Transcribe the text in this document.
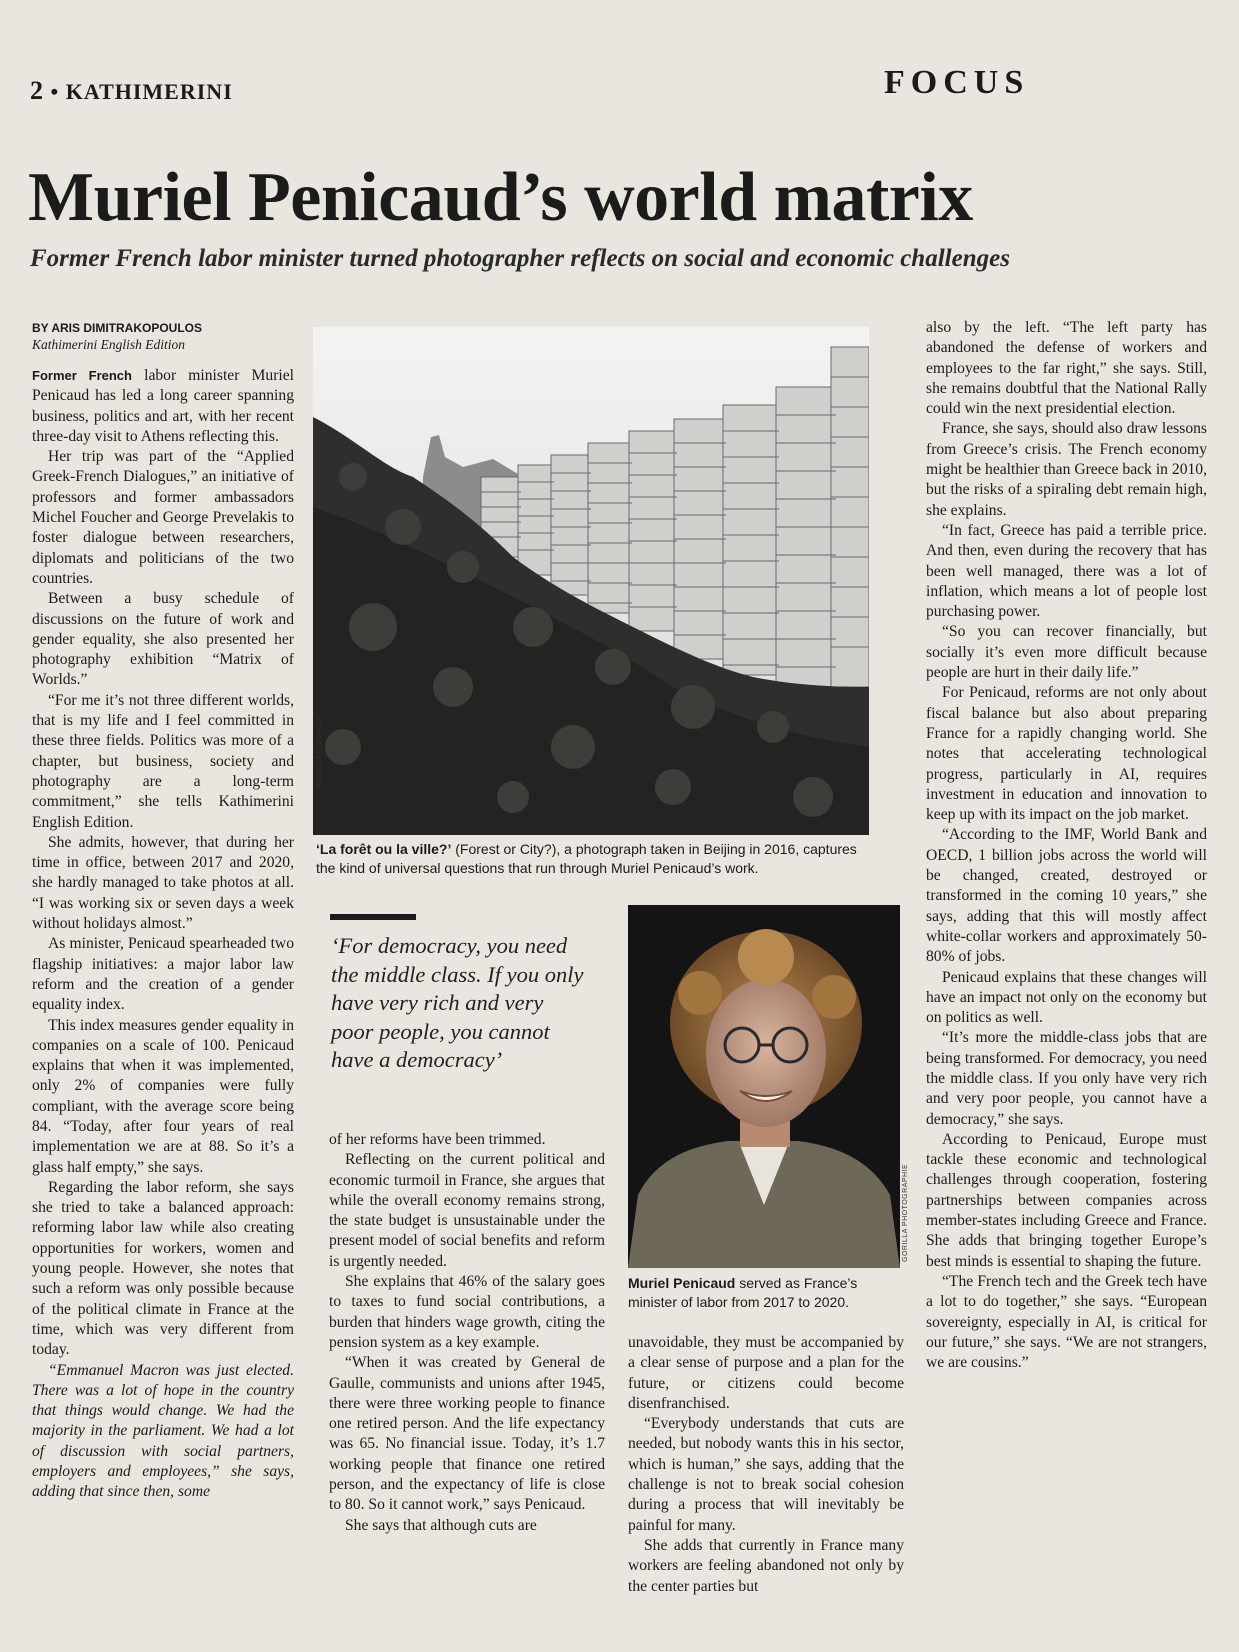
2 • KATHIMERINI	FOCUS
Muriel Penicaud’s world matrix
Former French labor minister turned photographer reflects on social and economic challenges
BY ARIS DIMITRAKOPOULOS
Kathimerini English Edition

Former French labor minister Muriel Penicaud has led a long career spanning business, politics and art, with her recent three-day visit to Athens reflecting this.

Her trip was part of the “Applied Greek-French Dialogues,” an initiative of professors and former ambassadors Michel Foucher and George Prevelakis to foster dialogue between researchers, diplomats and politicians of the two countries.

Between a busy schedule of discussions on the future of work and gender equality, she also presented her photography exhibition “Matrix of Worlds.”

“For me it’s not three different worlds, that is my life and I feel committed in these three fields. Politics was more of a chapter, but business, society and photography are a long-term commitment,” she tells Kathimerini English Edition.

She admits, however, that during her time in office, between 2017 and 2020, she hardly managed to take photos at all. “I was working six or seven days a week without holidays almost.”

As minister, Penicaud spearheaded two flagship initiatives: a major labor law reform and the creation of a gender equality index.

This index measures gender equality in companies on a scale of 100. Penicaud explains that when it was implemented, only 2% of companies were fully compliant, with the average score being 84. “Today, after four years of real implementation we are at 88. So it’s a glass half empty,” she says.

Regarding the labor reform, she says she tried to take a balanced approach: reforming labor law while also creating opportunities for workers, women and young people. However, she notes that such a reform was only possible because of the political climate in France at the time, which was very different from today.

“Emmanuel Macron was just elected. There was a lot of hope in the country that things would change. We had the majority in the parliament. We had a lot of discussion with social partners, employers and employees,” she says, adding that since then, some

MURIEL PENICAUD
‘La forêt ou la ville?’ (Forest or City?), a photograph taken in Beijing in 2016, captures the kind of universal questions that run through Muriel Penicaud’s work.
‘For democracy, you need the middle class. If you only have very rich and very poor people, you cannot have a democracy’

of her reforms have been trimmed.

Reflecting on the current political and economic turmoil in France, she argues that while the overall economy remains strong, the state budget is unsustainable under the present model of social benefits and reform is urgently needed.

She explains that 46% of the salary goes to taxes to fund social contributions, a burden that hinders wage growth, citing the pension system as a key example.

“When it was created by General de Gaulle, communists and unions after 1945, there were three working people to finance one retired person. And the life expectancy was 65. No financial issue. Today, it’s 1.7 working people that finance one retired person, and the expectancy of life is close to 80. So it cannot work,” says Penicaud.

She says that although cuts are

GORILLA PHOTOGRAPHIE
Muriel Penicaud served as France’s minister of labor from 2017 to 2020.

unavoidable, they must be accompanied by a clear sense of purpose and a plan for the future, or citizens could become disenfranchised.

“Everybody understands that cuts are needed, but nobody wants this in his sector, which is human,” she says, adding that the challenge is not to break social cohesion during a process that will inevitably be painful for many.

She adds that currently in France many workers are feeling abandoned not only by the center parties but

also by the left. “The left party has abandoned the defense of workers and employees to the far right,” she says. Still, she remains doubtful that the National Rally could win the next presidential election.

France, she says, should also draw lessons from Greece’s crisis. The French economy might be healthier than Greece back in 2010, but the risks of a spiraling debt remain high, she explains.

“In fact, Greece has paid a terrible price. And then, even during the recovery that has been well managed, there was a lot of inflation, which means a lot of people lost purchasing power.

“So you can recover financially, but socially it’s even more difficult because people are hurt in their daily life.”

For Penicaud, reforms are not only about fiscal balance but also about preparing France for a rapidly changing world. She notes that accelerating technological progress, particularly in AI, requires investment in education and innovation to keep up with its impact on the job market.

“According to the IMF, World Bank and OECD, 1 billion jobs across the world will be changed, created, destroyed or transformed in the coming 10 years,” she says, adding that this will mostly affect white-collar workers and approximately 50-80% of jobs.

Penicaud explains that these changes will have an impact not only on the economy but on politics as well.

“It’s more the middle-class jobs that are being transformed. For democracy, you need the middle class. If you only have very rich and very poor people, you cannot have a democracy,” she says.

According to Penicaud, Europe must tackle these economic and technological challenges through cooperation, fostering partnerships between companies across member-states including Greece and France. She adds that bringing together Europe’s best minds is essential to shaping the future.

“The French tech and the Greek tech have a lot to do together,” she says. “European sovereignty, especially in AI, is critical for our future,” she says. “We are not strangers, we are cousins.”
